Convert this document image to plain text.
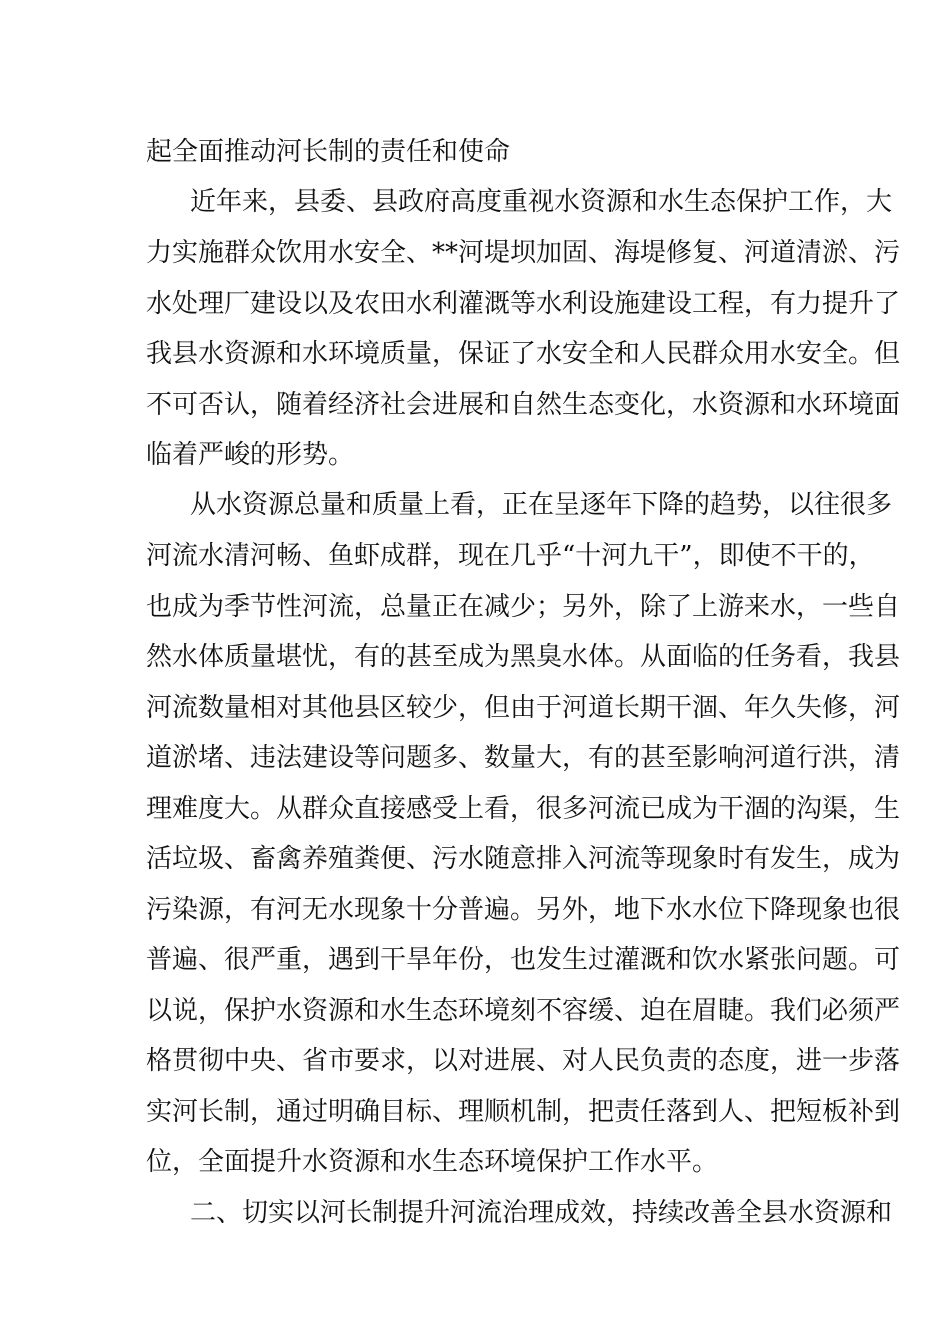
起全面推动河长制的责任和使命
近年来，县委、县政府高度重视水资源和水生态保护工作，大
力实施群众饮用水安全、**河堤坝加固、海堤修复、河道清淤、污
水处理厂建设以及农田水利灌溉等水利设施建设工程，有力提升了
我县水资源和水环境质量，保证了水安全和人民群众用水安全。但
不可否认，随着经济社会进展和自然生态变化，水资源和水环境面
临着严峻的形势。
从水资源总量和质量上看，正在呈逐年下降的趋势，以往很多
河流水清河畅、鱼虾成群，现在几乎“十河九干”，即使不干的，
也成为季节性河流，总量正在减少；另外，除了上游来水，一些自
然水体质量堪忧，有的甚至成为黑臭水体。从面临的任务看，我县
河流数量相对其他县区较少，但由于河道长期干涸、年久失修，河
道淤堵、违法建设等问题多、数量大，有的甚至影响河道行洪，清
理难度大。从群众直接感受上看，很多河流已成为干涸的沟渠，生
活垃圾、畜禽养殖粪便、污水随意排入河流等现象时有发生，成为
污染源，有河无水现象十分普遍。另外，地下水水位下降现象也很
普遍、很严重，遇到干旱年份，也发生过灌溉和饮水紧张问题。可
以说，保护水资源和水生态环境刻不容缓、迫在眉睫。我们必须严
格贯彻中央、省市要求，以对进展、对人民负责的态度，进一步落
实河长制，通过明确目标、理顺机制，把责任落到人、把短板补到
位，全面提升水资源和水生态环境保护工作水平。
二、切实以河长制提升河流治理成效，持续改善全县水资源和
